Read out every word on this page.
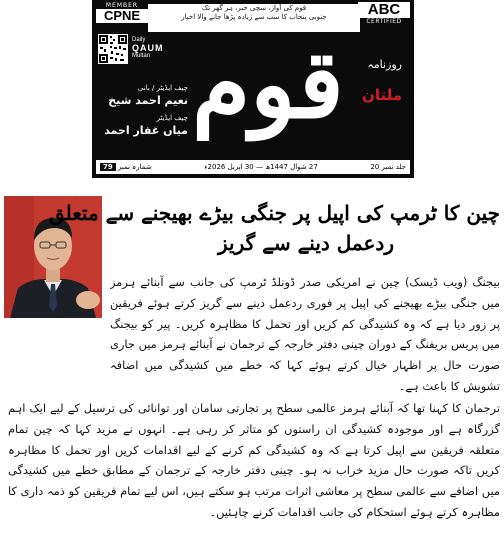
MEMBER
CPNE	قوم کی آواز، سچی خبر، ہر گھر تک
جنوبی پنجاب کا سب سے زیادہ پڑھا جانے والا اخبار	ABC
CERTIFIED
Daily
QAUM
Multan
چیف ایڈیٹر / بانی
نعیم احمد شیخ
چیف ایڈیٹر
میاں غفار احمد قوم روزنامہ
ملتان
جلد نمبر 20
27 شوال 1447ھ — 30 اپریل 2026ء
شمارہ نمبر 79
چین کا ٹرمپ کی اپیل پر جنگی بیڑے بھیجنے سے متعلق
ردعمل دینے سے گریز

بیجنگ (ویب ڈیسک) چین نے امریکی صدر ڈونلڈ ٹرمپ کی جانب سے آبنائے ہرمز میں جنگی بیڑے بھیجنے کی اپیل پر فوری ردعمل دینے سے گریز کرتے ہوئے فریقین پر زور دیا ہے کہ وہ کشیدگی کم کریں اور تحمل کا مظاہرہ کریں۔ پیر کو بیجنگ میں پریس بریفنگ کے دوران چینی دفتر خارجہ کے ترجمان نے آبنائے ہرمز میں جاری صورت حال پر اظہار خیال کرتے ہوئے کہا کہ خطے میں کشیدگی میں اضافہ تشویش کا باعث ہے۔

ترجمان کا کہنا تھا کہ آبنائے ہرمز عالمی سطح پر تجارتی سامان اور توانائی کی ترسیل کے لیے ایک اہم گزرگاہ ہے اور موجودہ کشیدگی ان راستوں کو متاثر کر رہی ہے۔ انہوں نے مزید کہا کہ چین تمام متعلقہ فریقین سے اپیل کرتا ہے کہ وہ کشیدگی کم کرنے کے لیے اقدامات کریں اور تحمل کا مظاہرہ کریں تاکہ صورت حال مزید خراب نہ ہو۔ چینی دفتر خارجہ کے ترجمان کے مطابق خطے میں کشیدگی میں اضافے سے عالمی سطح پر معاشی اثرات مرتب ہو سکتے ہیں، اس لیے تمام فریقین کو ذمہ داری کا مظاہرہ کرتے ہوئے استحکام کی جانب اقدامات کرنے چاہئیں۔
